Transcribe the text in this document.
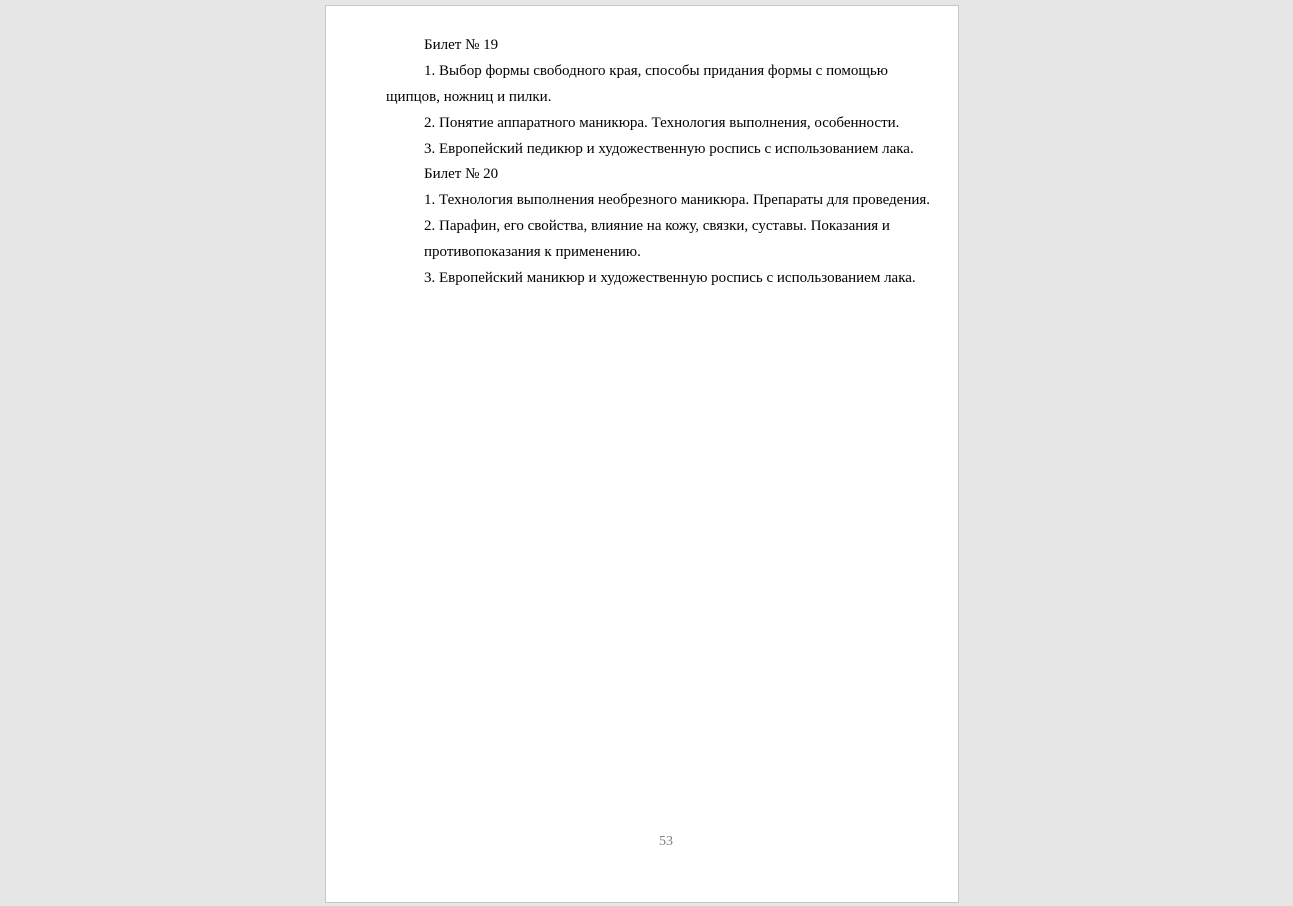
Билет № 19
1. Выбор формы свободного края, способы придания формы с помощью
щипцов, ножниц и пилки.
2. Понятие аппаратного маникюра. Технология выполнения, особенности.
3. Европейский педикюр и художественную роспись с использованием лака.
Билет № 20
1. Технология выполнения необрезного маникюра. Препараты для проведения.
2. Парафин, его свойства, влияние на кожу, связки, суставы. Показания и
противопоказания к применению.
3. Европейский маникюр и художественную роспись с использованием лака.
53
